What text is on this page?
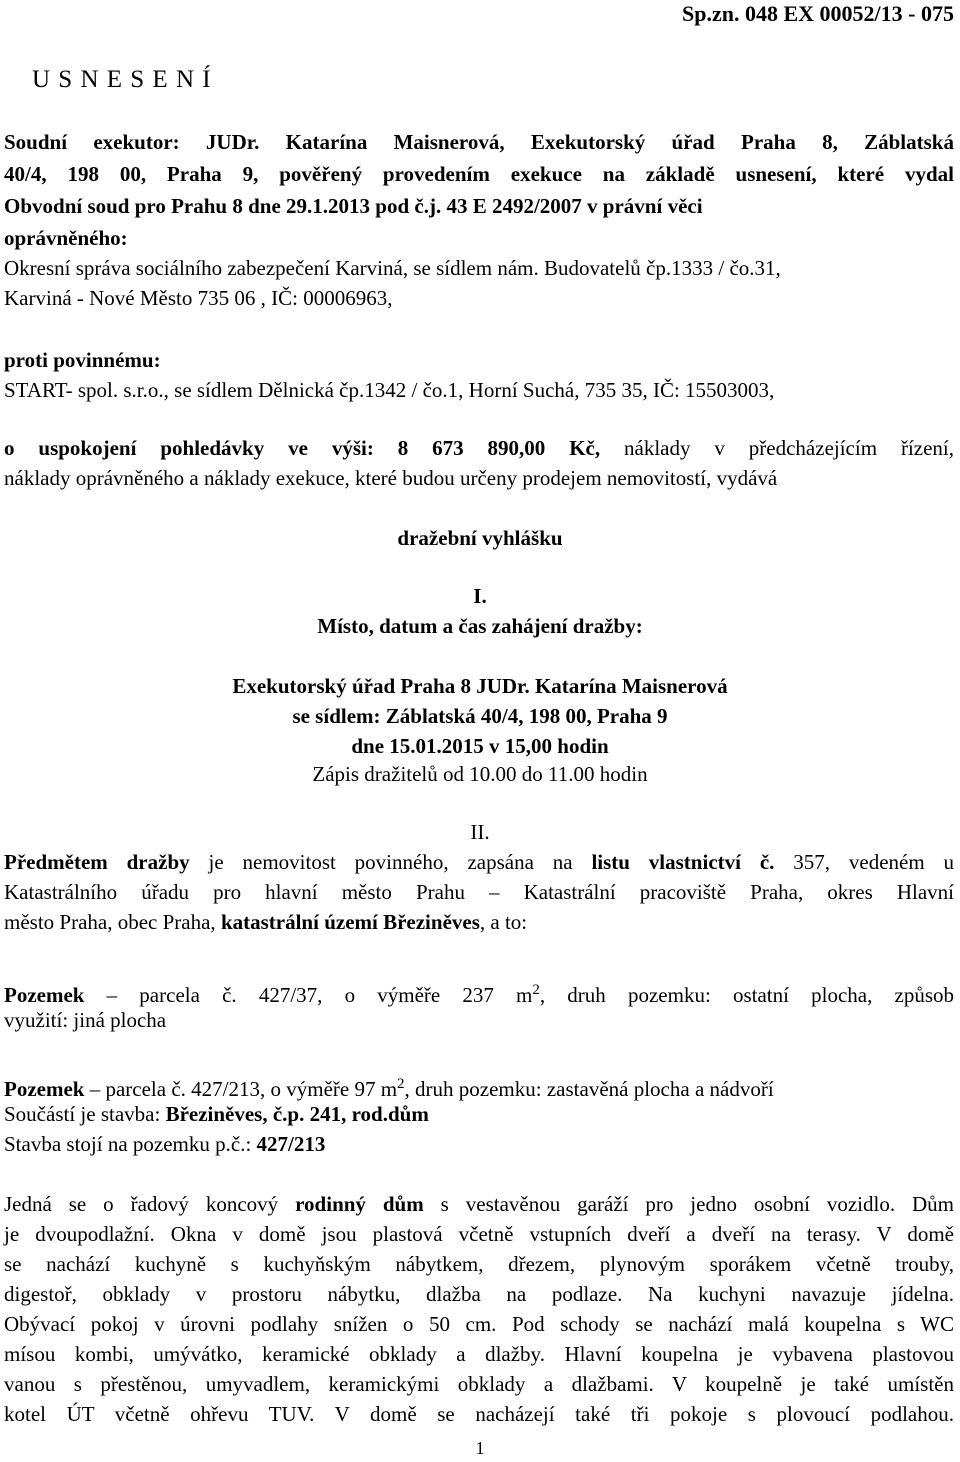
Sp.zn. 048 EX 00052/13 - 075
U S N E S E N Í
Soudní exekutor: JUDr. Katarína Maisnerová, Exekutorský úřad Praha 8, Záblatská
40/4, 198 00, Praha 9, pověřený provedením exekuce na základě usnesení, které vydal
Obvodní soud pro Prahu 8 dne 29.1.2013 pod č.j. 43 E 2492/2007 v právní věci
oprávněného:
Okresní správa sociálního zabezpečení Karviná, se sídlem nám. Budovatelů čp.1333 / čo.31,
Karviná - Nové Město 735 06 , IČ: 00006963,
proti povinnému:
START- spol. s.r.o., se sídlem Dělnická čp.1342 / čo.1, Horní Suchá, 735 35, IČ: 15503003,
o uspokojení pohledávky ve výši: 8 673 890,00 Kč, náklady v předcházejícím řízení,
náklady oprávněného a náklady exekuce, které budou určeny prodejem nemovitostí, vydává
dražební vyhlášku
I.
Místo, datum a čas zahájení dražby:
Exekutorský úřad Praha 8 JUDr. Katarína Maisnerová
se sídlem: Záblatská 40/4, 198 00, Praha 9
dne 15.01.2015 v 15,00 hodin
Zápis dražitelů od 10.00 do 11.00 hodin
II.
Předmětem dražby je nemovitost povinného, zapsána na listu vlastnictví č. 357, vedeném u
Katastrálního úřadu pro hlavní město Prahu – Katastrální pracoviště Praha, okres Hlavní
město Praha, obec Praha, katastrální území Březiněves, a to:
Pozemek – parcela č. 427/37, o výměře 237 $m^2$, druh pozemku: ostatní plocha, způsob
využití: jiná plocha
Pozemek – parcela č. 427/213, o výměře 97 $m^2$, druh pozemku: zastavěná plocha a nádvoří
Součástí je stavba: Březiněves, č.p. 241, rod.dům
Stavba stojí na pozemku p.č.: 427/213
Jedná se o řadový koncový rodinný dům s vestavěnou garáží pro jedno osobní vozidlo. Dům
je dvoupodlažní. Okna v domě jsou plastová včetně vstupních dveří a dveří na terasy. V domě
se nachází kuchyně s kuchyňským nábytkem, dřezem, plynovým sporákem včetně trouby,
digestoř, obklady v prostoru nábytku, dlažba na podlaze. Na kuchyni navazuje jídelna.
Obývací pokoj v úrovni podlahy snížen o 50 cm. Pod schody se nachází malá koupelna s WC
mísou kombi, umývátko, keramické obklady a dlažby. Hlavní koupelna je vybavena plastovou
vanou s přestěnou, umyvadlem, keramickými obklady a dlažbami. V koupelně je také umístěn
kotel ÚT včetně ohřevu TUV. V domě se nacházejí také tři pokoje s plovoucí podlahou.
1
